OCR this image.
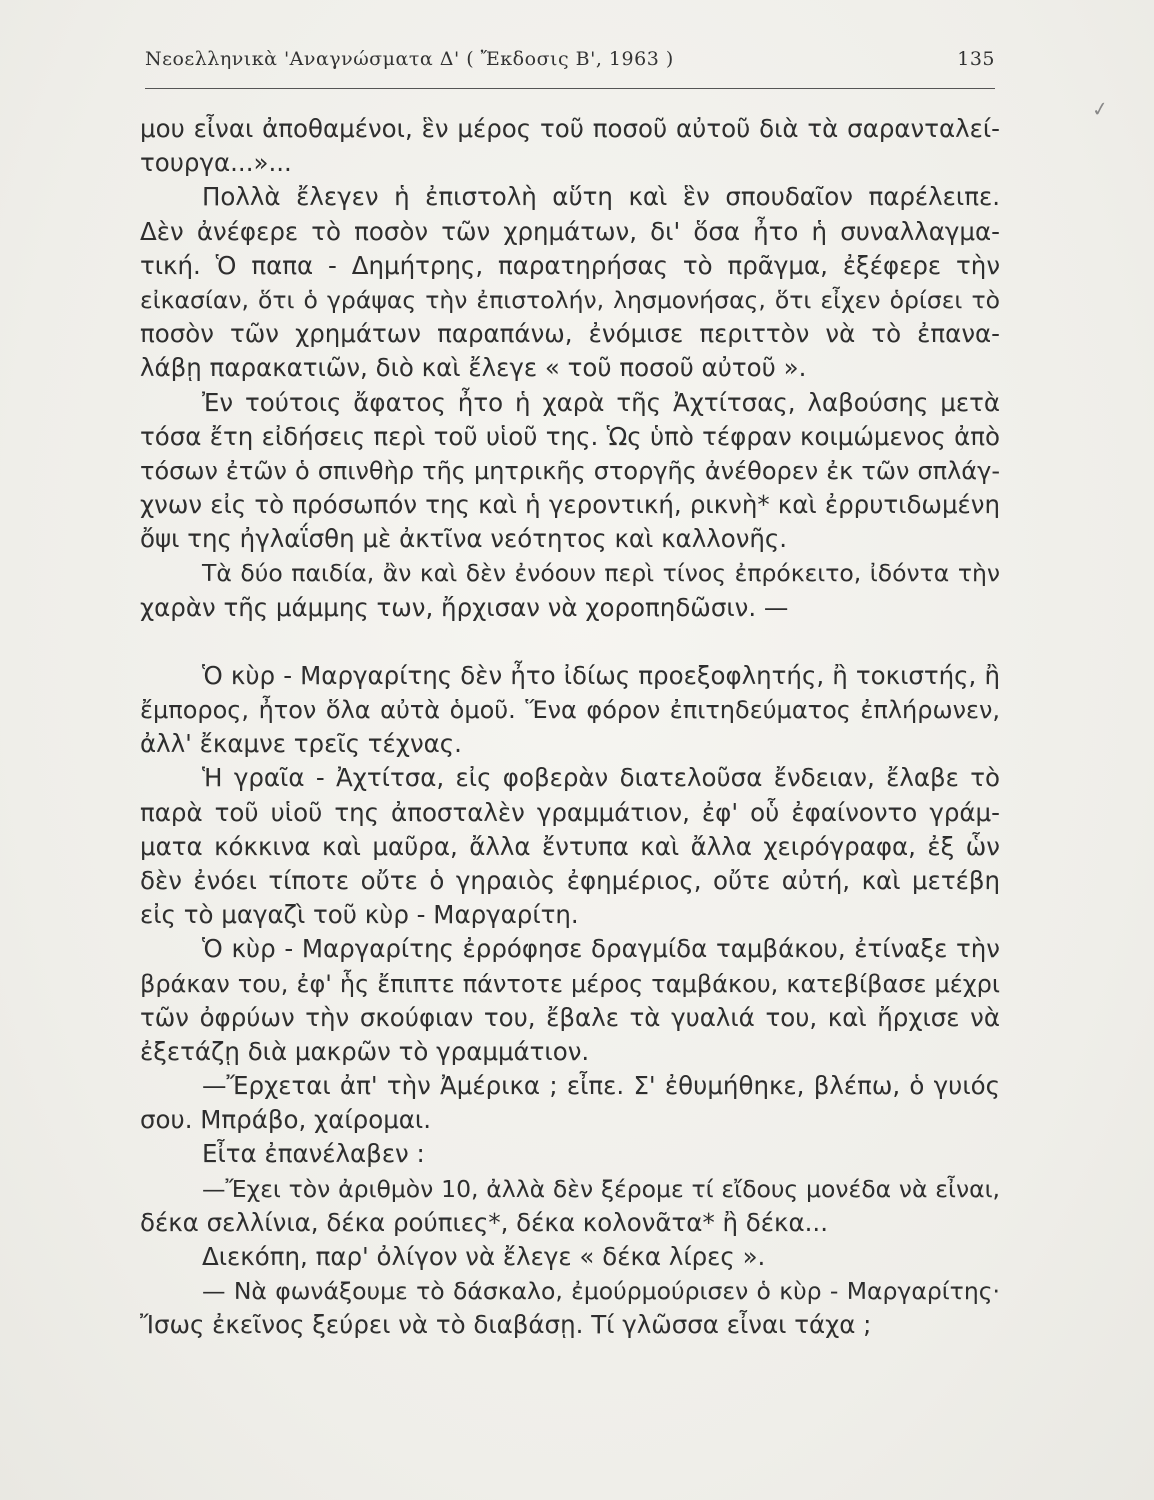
Νεοελληνικὰ 'Αναγνώσματα Δ' ( Ἔκδοσις Β', 1963 )	135
✓
μου εἶναι ἀποθαμένοι, ἓν μέρος τοῦ ποσοῦ αὐτοῦ διὰ τὰ σαρανταλεί-
τουργα...»...
Πολλὰ ἔλεγεν ἡ ἐπιστολὴ αὕτη καὶ ἓν σπουδαῖον παρέλειπε.
Δὲν ἀνέφερε τὸ ποσὸν τῶν χρημάτων, δι' ὅσα ἦτο ἡ συναλλαγμα-
τική. Ὁ παπα - Δημήτρης, παρατηρήσας τὸ πρᾶγμα, ἐξέφερε τὴν
εἰκασίαν, ὅτι ὁ γράψας τὴν ἐπιστολήν, λησμονήσας, ὅτι εἶχεν ὁρίσει τὸ
ποσὸν τῶν χρημάτων παραπάνω, ἐνόμισε περιττὸν νὰ τὸ ἐπανα-
λάβῃ παρακατιῶν, διὸ καὶ ἔλεγε « τοῦ ποσοῦ αὐτοῦ ».
Ἐν τούτοις ἄφατος ἦτο ἡ χαρὰ τῆς Ἀχτίτσας, λαβούσης μετὰ
τόσα ἔτη εἰδήσεις περὶ τοῦ υἱοῦ της. Ὡς ὑπὸ τέφραν κοιμώμενος ἀπὸ
τόσων ἐτῶν ὁ σπινθὴρ τῆς μητρικῆς στοργῆς ἀνέθορεν ἐκ τῶν σπλάγ-
χνων εἰς τὸ πρόσωπόν της καὶ ἡ γεροντική, ρικνὴ* καὶ ἐρρυτιδωμένη
ὄψι της ἠγλαΐσθη μὲ ἀκτῖνα νεότητος καὶ καλλονῆς.
Τὰ δύο παιδία, ἂν καὶ δὲν ἐνόουν περὶ τίνος ἐπρόκειτο, ἰδόντα τὴν
χαρὰν τῆς μάμμης των, ἤρχισαν νὰ χοροπηδῶσιν. —
Ὁ κὺρ - Μαργαρίτης δὲν ἦτο ἰδίως προεξοφλητής, ἢ τοκιστής, ἢ
ἔμπορος, ἦτον ὅλα αὐτὰ ὁμοῦ. Ἕνα φόρον ἐπιτηδεύματος ἐπλήρωνεν,
ἀλλ' ἔκαμνε τρεῖς τέχνας.
Ἡ γραῖα - Ἀχτίτσα, εἰς φοβερὰν διατελοῦσα ἔνδειαν, ἔλαβε τὸ
παρὰ τοῦ υἱοῦ της ἀποσταλὲν γραμμάτιον, ἐφ' οὗ ἐφαίνοντο γράμ-
ματα κόκκινα καὶ μαῦρα, ἄλλα ἔντυπα καὶ ἄλλα χειρόγραφα, ἐξ ὧν
δὲν ἐνόει τίποτε οὔτε ὁ γηραιὸς ἐφημέριος, οὔτε αὐτή, καὶ μετέβη
εἰς τὸ μαγαζὶ τοῦ κὺρ - Μαργαρίτη.
Ὁ κὺρ - Μαργαρίτης ἐρρόφησε δραγμίδα ταμβάκου, ἐτίναξε τὴν
βράκαν του, ἐφ' ἧς ἔπιπτε πάντοτε μέρος ταμβάκου, κατεβίβασε μέχρι
τῶν ὀφρύων τὴν σκούφιαν του, ἔβαλε τὰ γυαλιά του, καὶ ἤρχισε νὰ
ἐξετάζῃ διὰ μακρῶν τὸ γραμμάτιον.
—Ἔρχεται ἀπ' τὴν Ἀμέρικα ; εἶπε. Σ' ἐθυμήθηκε, βλέπω, ὁ γυιός
σου. Μπράβο, χαίρομαι.
Εἶτα ἐπανέλαβεν :
—Ἔχει τὸν ἀριθμὸν 10, ἀλλὰ δὲν ξέρομε τί εἴδους μονέδα νὰ εἶναι,
δέκα σελλίνια, δέκα ρούπιες*, δέκα κολονᾶτα* ἢ δέκα...
Διεκόπη, παρ' ὀλίγον νὰ ἔλεγε « δέκα λίρες ».
— Νὰ φωνάξουμε τὸ δάσκαλο, ἐμούρμούρισεν ὁ κὺρ - Μαργαρίτης·
Ἴσως ἐκεῖνος ξεύρει νὰ τὸ διαβάσῃ. Τί γλῶσσα εἶναι τάχα ;
